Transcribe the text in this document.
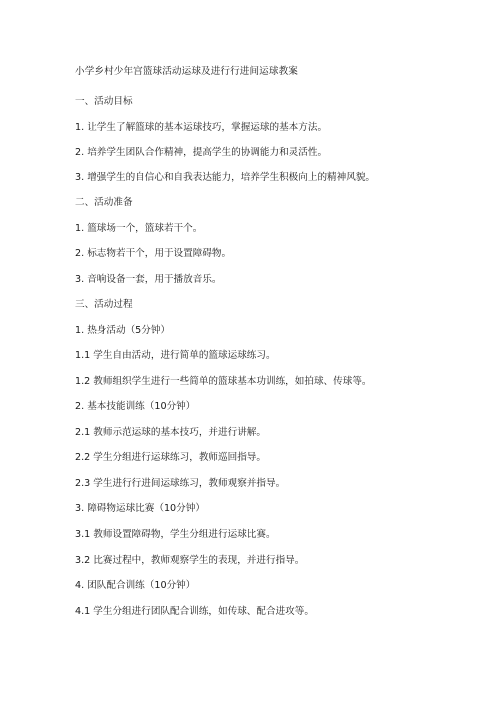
小学乡村少年宫篮球活动运球及进行行进间运球教案
一、活动目标
1. 让学生了解篮球的基本运球技巧，掌握运球的基本方法。
2. 培养学生团队合作精神，提高学生的协调能力和灵活性。
3. 增强学生的自信心和自我表达能力，培养学生积极向上的精神风貌。
二、活动准备
1. 篮球场一个，篮球若干个。
2. 标志物若干个，用于设置障碍物。
3. 音响设备一套，用于播放音乐。
三、活动过程
1. 热身活动（5分钟）
1.1 学生自由活动，进行简单的篮球运球练习。
1.2 教师组织学生进行一些简单的篮球基本功训练，如拍球、传球等。
2. 基本技能训练（10分钟）
2.1 教师示范运球的基本技巧，并进行讲解。
2.2 学生分组进行运球练习，教师巡回指导。
2.3 学生进行行进间运球练习，教师观察并指导。
3. 障碍物运球比赛（10分钟）
3.1 教师设置障碍物，学生分组进行运球比赛。
3.2 比赛过程中，教师观察学生的表现，并进行指导。
4. 团队配合训练（10分钟）
4.1 学生分组进行团队配合训练，如传球、配合进攻等。
